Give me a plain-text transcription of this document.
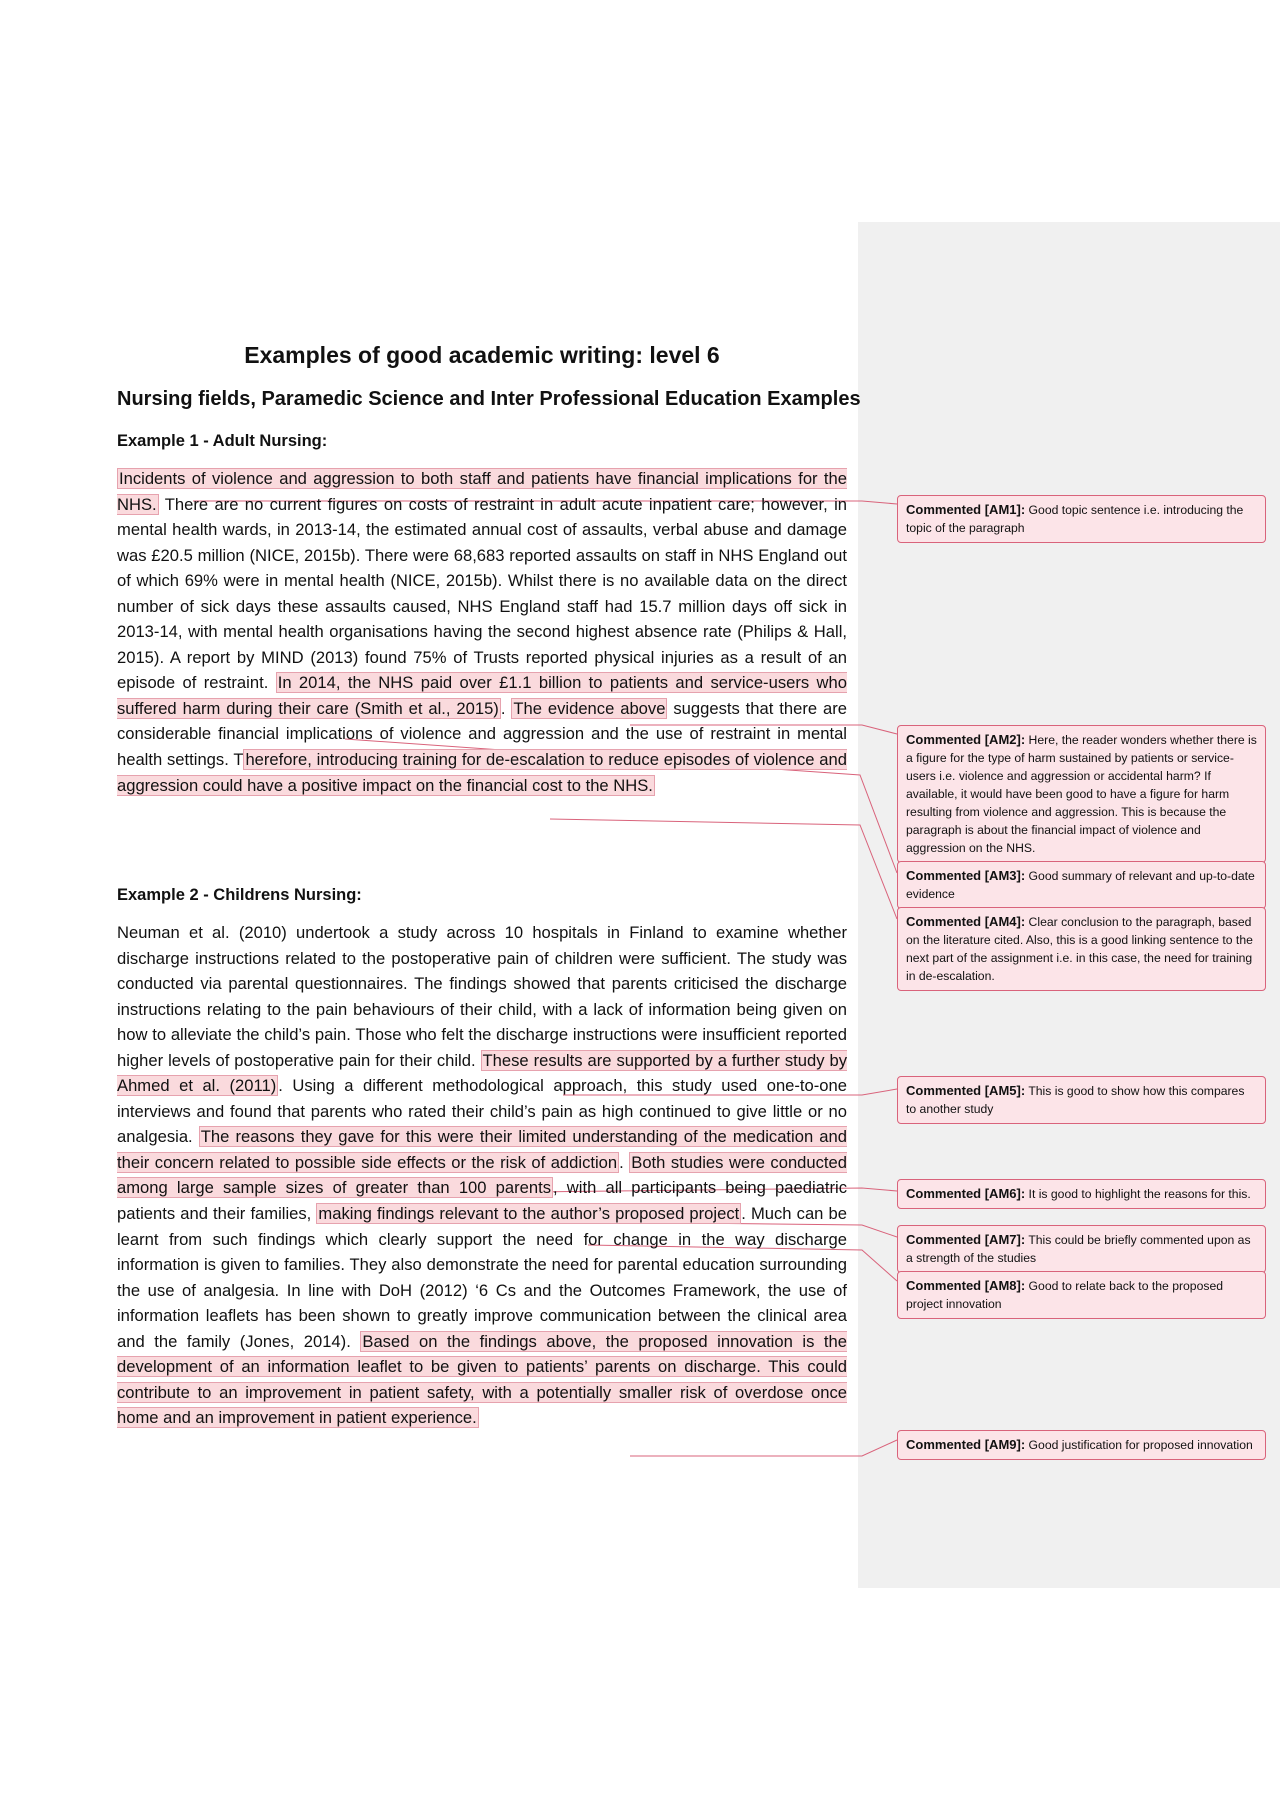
Examples of good academic writing: level 6
Nursing fields, Paramedic Science and Inter Professional Education Examples
Example 1 - Adult Nursing:

Incidents of violence and aggression to both staff and patients have financial implications for the NHS. There are no current figures on costs of restraint in adult acute inpatient care; however, in mental health wards, in 2013-14, the estimated annual cost of assaults, verbal abuse and damage was £20.5 million (NICE, 2015b). There were 68,683 reported assaults on staff in NHS England out of which 69% were in mental health (NICE, 2015b). Whilst there is no available data on the direct number of sick days these assaults caused, NHS England staff had 15.7 million days off sick in 2013-14, with mental health organisations having the second highest absence rate (Philips & Hall, 2015). A report by MIND (2013) found 75% of Trusts reported physical injuries as a result of an episode of restraint. In 2014, the NHS paid over £1.1 billion to patients and service-users who suffered harm during their care (Smith et al., 2015) . The evidence above suggests that there are considerable financial implications of violence and aggression and the use of restraint in mental health settings. T herefore, introducing training for de-escalation to reduce episodes of violence and aggression could have a positive impact on the financial cost to the NHS.

Example 2 - Childrens Nursing:

Neuman et al. (2010) undertook a study across 10 hospitals in Finland to examine whether discharge instructions related to the postoperative pain of children were sufficient. The study was conducted via parental questionnaires. The findings showed that parents criticised the discharge instructions relating to the pain behaviours of their child, with a lack of information being given on how to alleviate the child’s pain. Those who felt the discharge instructions were insufficient reported higher levels of postoperative pain for their child. These results are supported by a further study by Ahmed et al. (2011) . Using a different methodological approach, this study used one-to-one interviews and found that parents who rated their child’s pain as high continued to give little or no analgesia. The reasons they gave for this were their limited understanding of the medication and their concern related to possible side effects or the risk of addiction . Both studies were conducted among large sample sizes of greater than 100 parents , with all participants being paediatric patients and their families, making findings relevant to the author’s proposed project . Much can be learnt from such findings which clearly support the need for change in the way discharge information is given to families. They also demonstrate the need for parental education surrounding the use of analgesia. In line with DoH (2012) ‘6 Cs and the Outcomes Framework, the use of information leaflets has been shown to greatly improve communication between the clinical area and the family (Jones, 2014). Based on the findings above, the proposed innovation is the development of an information leaflet to be given to patients’ parents on discharge. This could contribute to an improvement in patient safety, with a potentially smaller risk of overdose once home and an improvement in patient experience.

Commented [AM1]: Good topic sentence i.e. introducing the topic of the paragraph
Commented [AM2]: Here, the reader wonders whether there is a figure for the type of harm sustained by patients or service-users i.e. violence and aggression or accidental harm? If available, it would have been good to have a figure for harm resulting from violence and aggression. This is because the paragraph is about the financial impact of violence and aggression on the NHS.
Commented [AM3]: Good summary of relevant and up-to-date evidence
Commented [AM4]: Clear conclusion to the paragraph, based on the literature cited. Also, this is a good linking sentence to the next part of the assignment i.e. in this case, the need for training in de-escalation.
Commented [AM5]: This is good to show how this compares to another study
Commented [AM6]: It is good to highlight the reasons for this.
Commented [AM7]: This could be briefly commented upon as a strength of the studies
Commented [AM8]: Good to relate back to the proposed project innovation
Commented [AM9]: Good justification for proposed innovation
